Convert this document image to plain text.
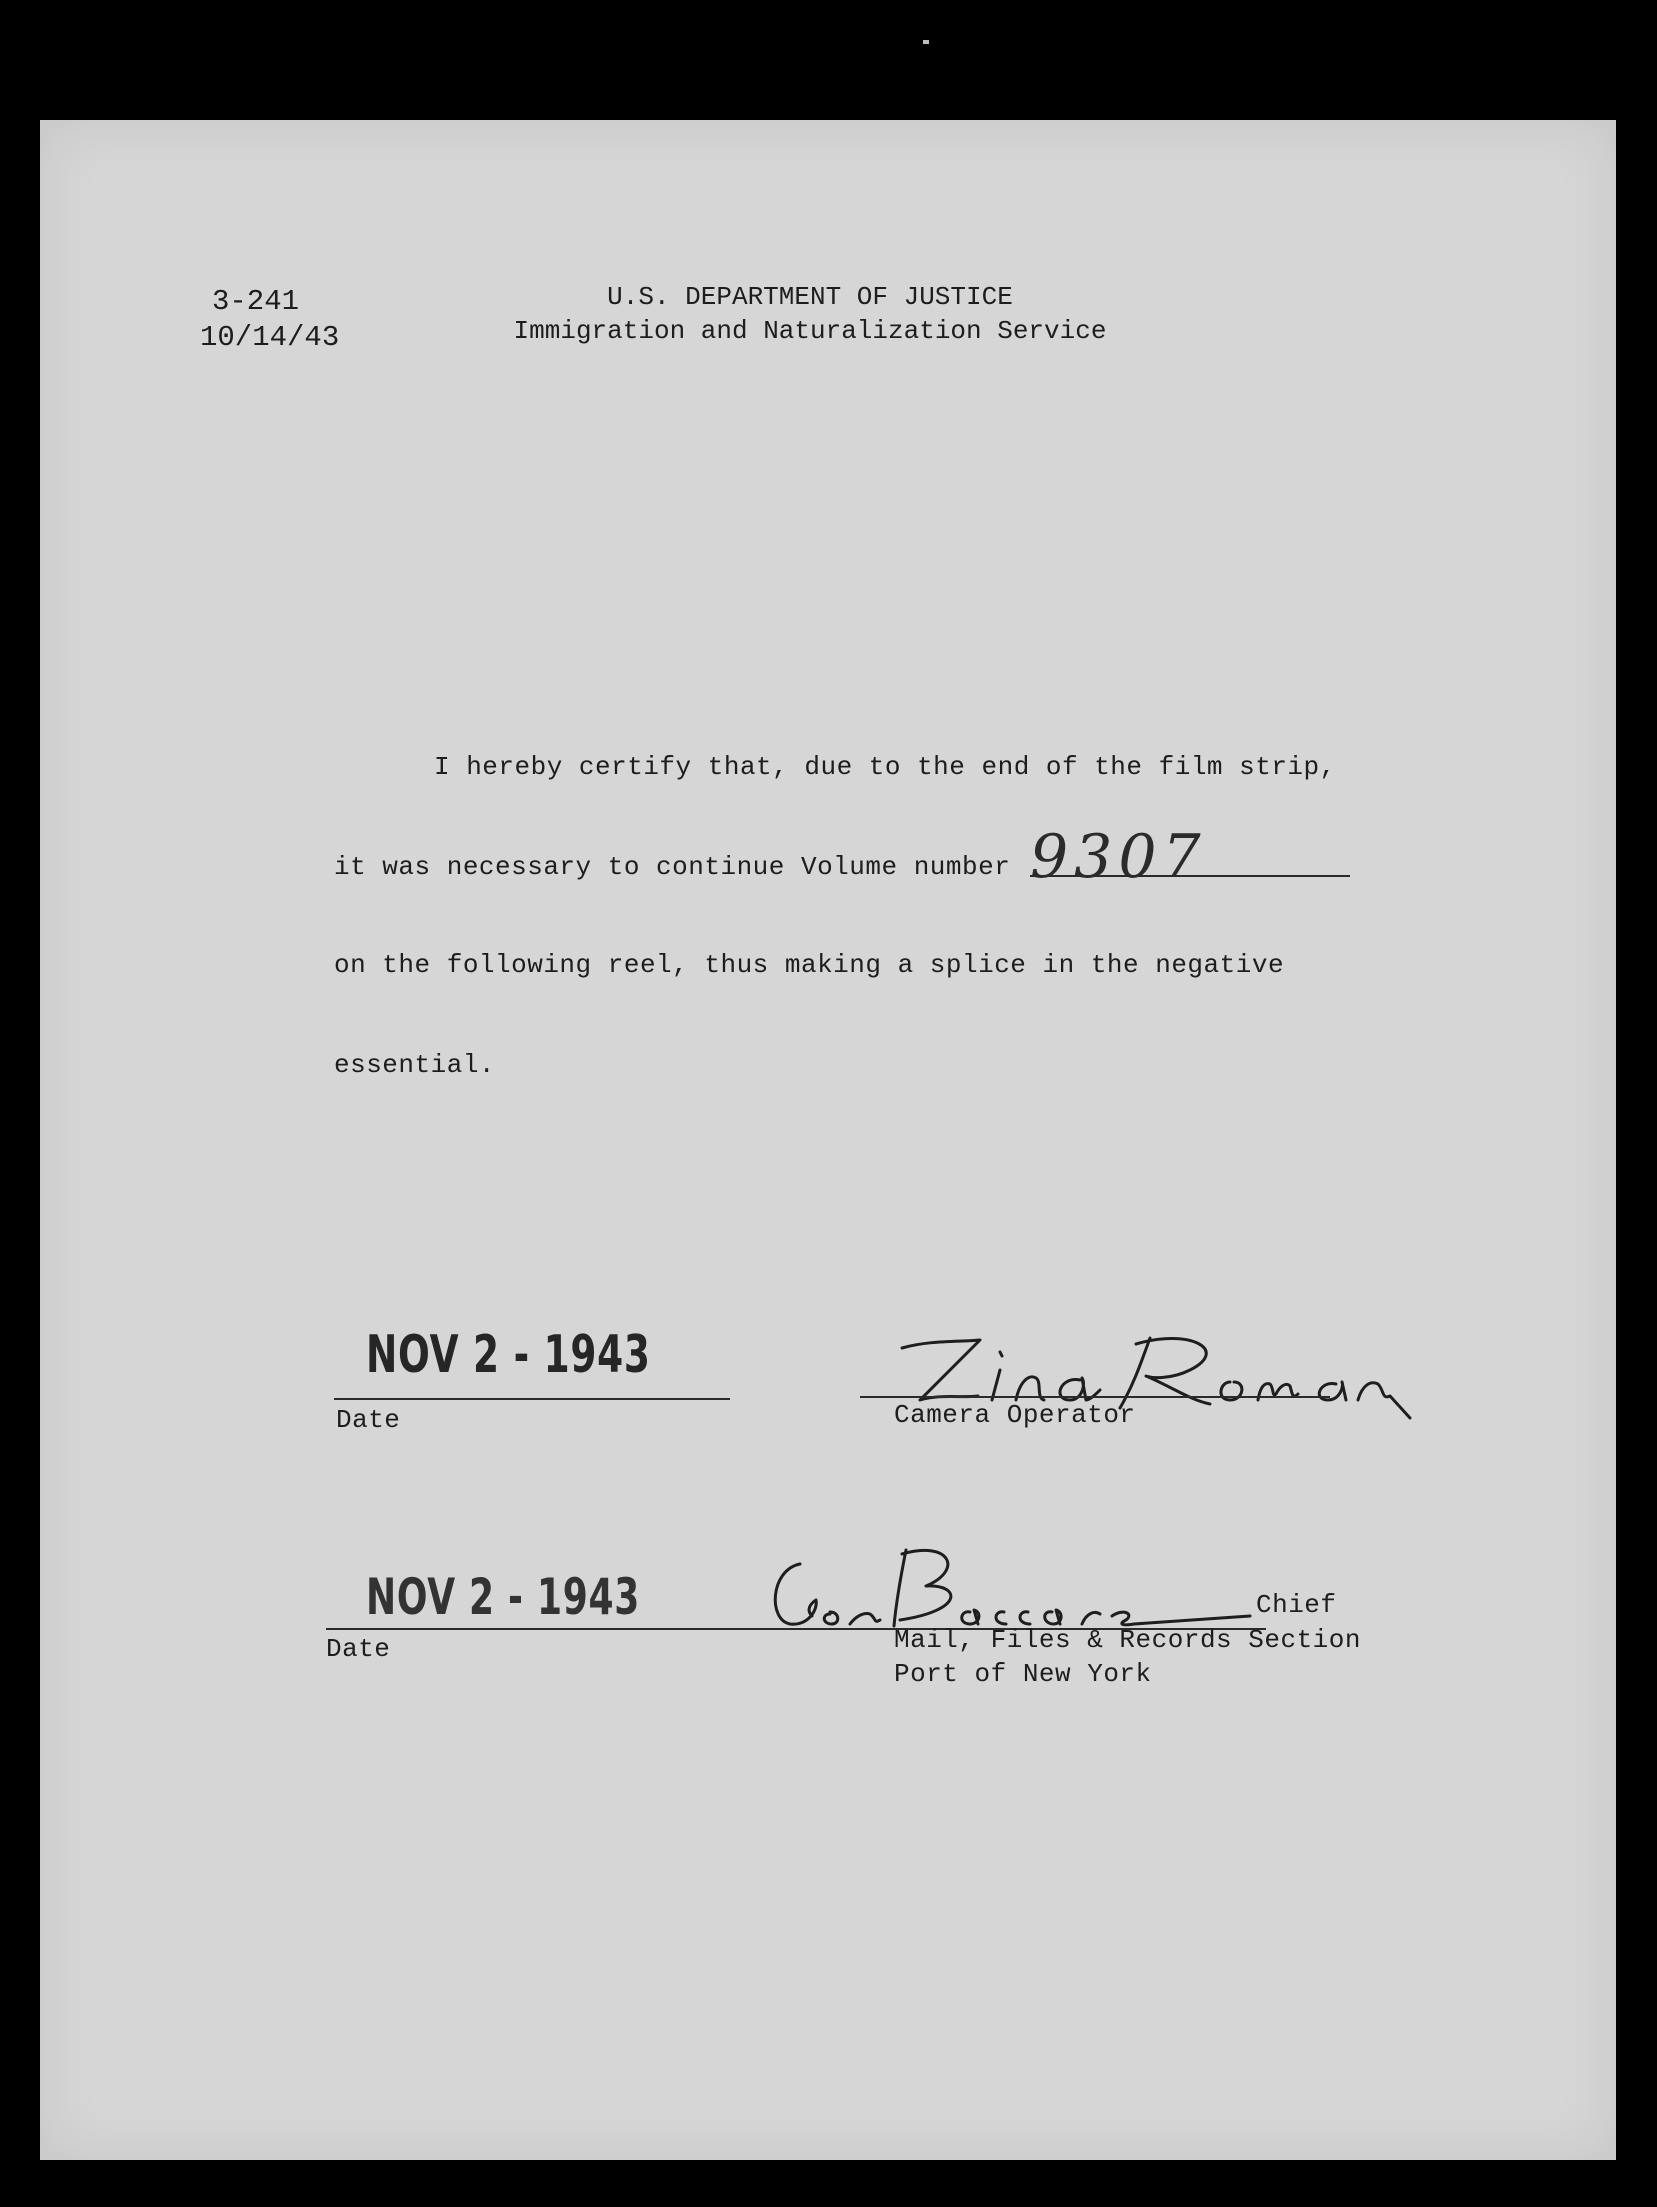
3-241
10/14/43
U.S. DEPARTMENT OF JUSTICE
Immigration and Naturalization Service
I hereby certify that, due to the end of the film strip,
it was necessary to continue Volume number 9307
on the following reel, thus making a splice in the negative
essential.
NOV 2 - 1943
Date	Camera Operator
NOV 2 - 1943
Date
Chief
Mail, Files & Records Section
Port of New York
